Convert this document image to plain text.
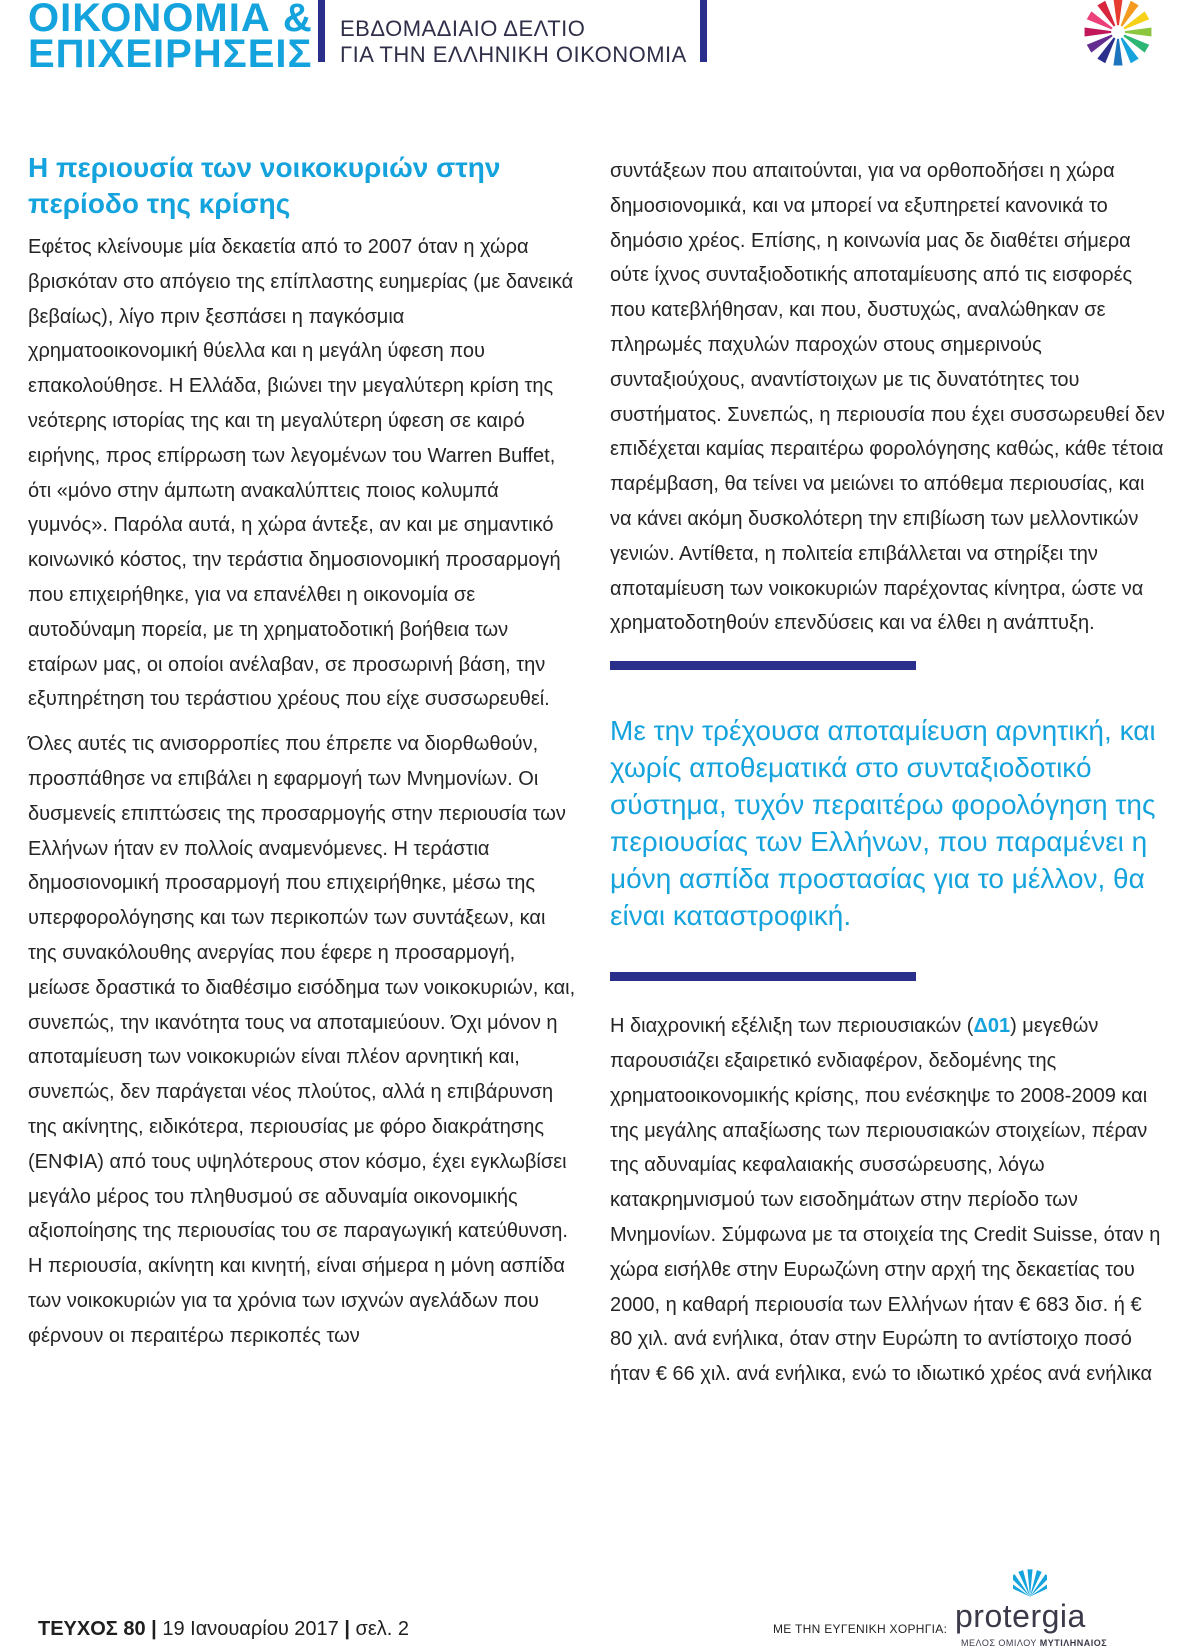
ΟΙΚΟΝΟΜΙΑ &
ΕΠΙΧΕΙΡΗΣΕΙΣ
ΕΒΔΟΜΑΔΙΑΙΟ ΔΕΛΤΙΟ
ΓΙΑ ΤΗΝ ΕΛΛΗΝΙΚΗ ΟΙΚΟΝΟΜΙΑ
Η περιουσία των νοικοκυριών στην περίοδο της κρίσης

Εφέτος κλείνουμε μία δεκαετία από το 2007 όταν η χώρα βρισκόταν στο απόγειο της επίπλαστης ευημερίας (με δανεικά βεβαίως), λίγο πριν ξεσπάσει η παγκόσμια χρηματοοικονομική θύελλα και η μεγάλη ύφεση που επακολούθησε. Η Ελλάδα, βιώνει την μεγαλύτερη κρίση της νεότερης ιστορίας της και τη μεγαλύτερη ύφεση σε καιρό ειρήνης, προς επίρρωση των λεγομένων του Warren Buffet, ότι «μόνο στην άμπωτη ανακαλύπτεις ποιος κολυμπά γυμνός». Παρόλα αυτά, η χώρα άντεξε, αν και με σημαντικό κοινωνικό κόστος, την τεράστια δημοσιονομική προσαρμογή που επιχειρήθηκε, για να επανέλθει η οικονομία σε αυτοδύναμη πορεία, με τη χρηματοδοτική βοήθεια των εταίρων μας, οι οποίοι ανέλαβαν, σε προσωρινή βάση, την εξυπηρέτηση του τεράστιου χρέους που είχε συσσωρευθεί.

Όλες αυτές τις ανισορροπίες που έπρεπε να διορθωθούν, προσπάθησε να επιβάλει η εφαρμογή των Μνημονίων. Οι δυσμενείς επιπτώσεις της προσαρμογής στην περιουσία των Ελλήνων ήταν εν πολλοίς αναμενόμενες. Η τεράστια δημοσιονομική προσαρμογή που επιχειρήθηκε, μέσω της υπερφορολόγησης και των περικοπών των συντάξεων, και της συνακόλουθης ανεργίας που έφερε η προσαρμογή, μείωσε δραστικά το διαθέσιμο εισόδημα των νοικοκυριών, και, συνεπώς, την ικανότητα τους να αποταμιεύουν. Όχι μόνον η αποταμίευση των νοικοκυριών είναι πλέον αρνητική και, συνεπώς, δεν παράγεται νέος πλούτος, αλλά η επιβάρυνση της ακίνητης, ειδικότερα, περιουσίας με φόρο διακράτησης (ΕΝΦΙΑ) από τους υψηλότερους στον κόσμο, έχει εγκλωβίσει μεγάλο μέρος του πληθυσμού σε αδυναμία οικονομικής αξιοποίησης της περιουσίας του σε παραγωγική κατεύθυνση. Η περιουσία, ακίνητη και κινητή, είναι σήμερα η μόνη ασπίδα των νοικοκυριών για τα χρόνια των ισχνών αγελάδων που φέρνουν οι περαιτέρω περικοπές των

συντάξεων που απαιτούνται, για να ορθοποδήσει η χώρα δημοσιονομικά, και να μπορεί να εξυπηρετεί κανονικά το δημόσιο χρέος. Επίσης, η κοινωνία μας δε διαθέτει σήμερα ούτε ίχνος συνταξιοδοτικής αποταμίευσης από τις εισφορές που κατεβλήθησαν, και που, δυστυχώς, αναλώθηκαν σε πληρωμές παχυλών παροχών στους σημερινούς συνταξιούχους, αναντίστοιχων με τις δυνατότητες του συστήματος. Συνεπώς, η περιουσία που έχει συσσωρευθεί δεν επιδέχεται καμίας περαιτέρω φορολόγησης καθώς, κάθε τέτοια παρέμβαση, θα τείνει να μειώνει το απόθεμα περιουσίας, και να κάνει ακόμη δυσκολότερη την επιβίωση των μελλοντικών γενιών. Αντίθετα, η πολιτεία επιβάλλεται να στηρίξει την αποταμίευση των νοικοκυριών παρέχοντας κίνητρα, ώστε να χρηματοδοτηθούν επενδύσεις και να έλθει η ανάπτυξη.

Με την τρέχουσα αποταμίευση αρνητική, και χωρίς αποθεματικά στο συνταξιοδοτικό σύστημα, τυχόν περαιτέρω φορολόγηση της περιουσίας των Ελλήνων, που παραμένει η μόνη ασπίδα προστασίας για το μέλλον, θα είναι καταστροφική.

Η διαχρονική εξέλιξη των περιουσιακών (Δ01) μεγεθών παρουσιάζει εξαιρετικό ενδιαφέρον, δεδομένης της χρηματοοικονομικής κρίσης, που ενέσκηψε το 2008-2009 και της μεγάλης απαξίωσης των περιουσιακών στοιχείων, πέραν της αδυναμίας κεφαλαιακής συσσώρευσης, λόγω κατακρημνισμού των εισοδημάτων στην περίοδο των Μνημονίων. Σύμφωνα με τα στοιχεία της Credit Suisse, όταν η χώρα εισήλθε στην Ευρωζώνη στην αρχή της δεκαετίας του 2000, η καθαρή περιουσία των Ελλήνων ήταν € 683 δισ. ή € 80 χιλ. ανά ενήλικα, όταν στην Ευρώπη το αντίστοιχο ποσό ήταν € 66 χιλ. ανά ενήλικα, ενώ το ιδιωτικό χρέος ανά ενήλικα

ΤΕΥΧΟΣ 80 | 19 Ιανουαρίου 2017 | σελ. 2	ΜΕ ΤΗΝ ΕΥΓΕΝΙΚΗ ΧΟΡΗΓΙΑ: protergia
ΜΕΛΟΣ ΟΜΙΛΟΥ ΜΥΤΙΛΗΝΑΙΟΣ
